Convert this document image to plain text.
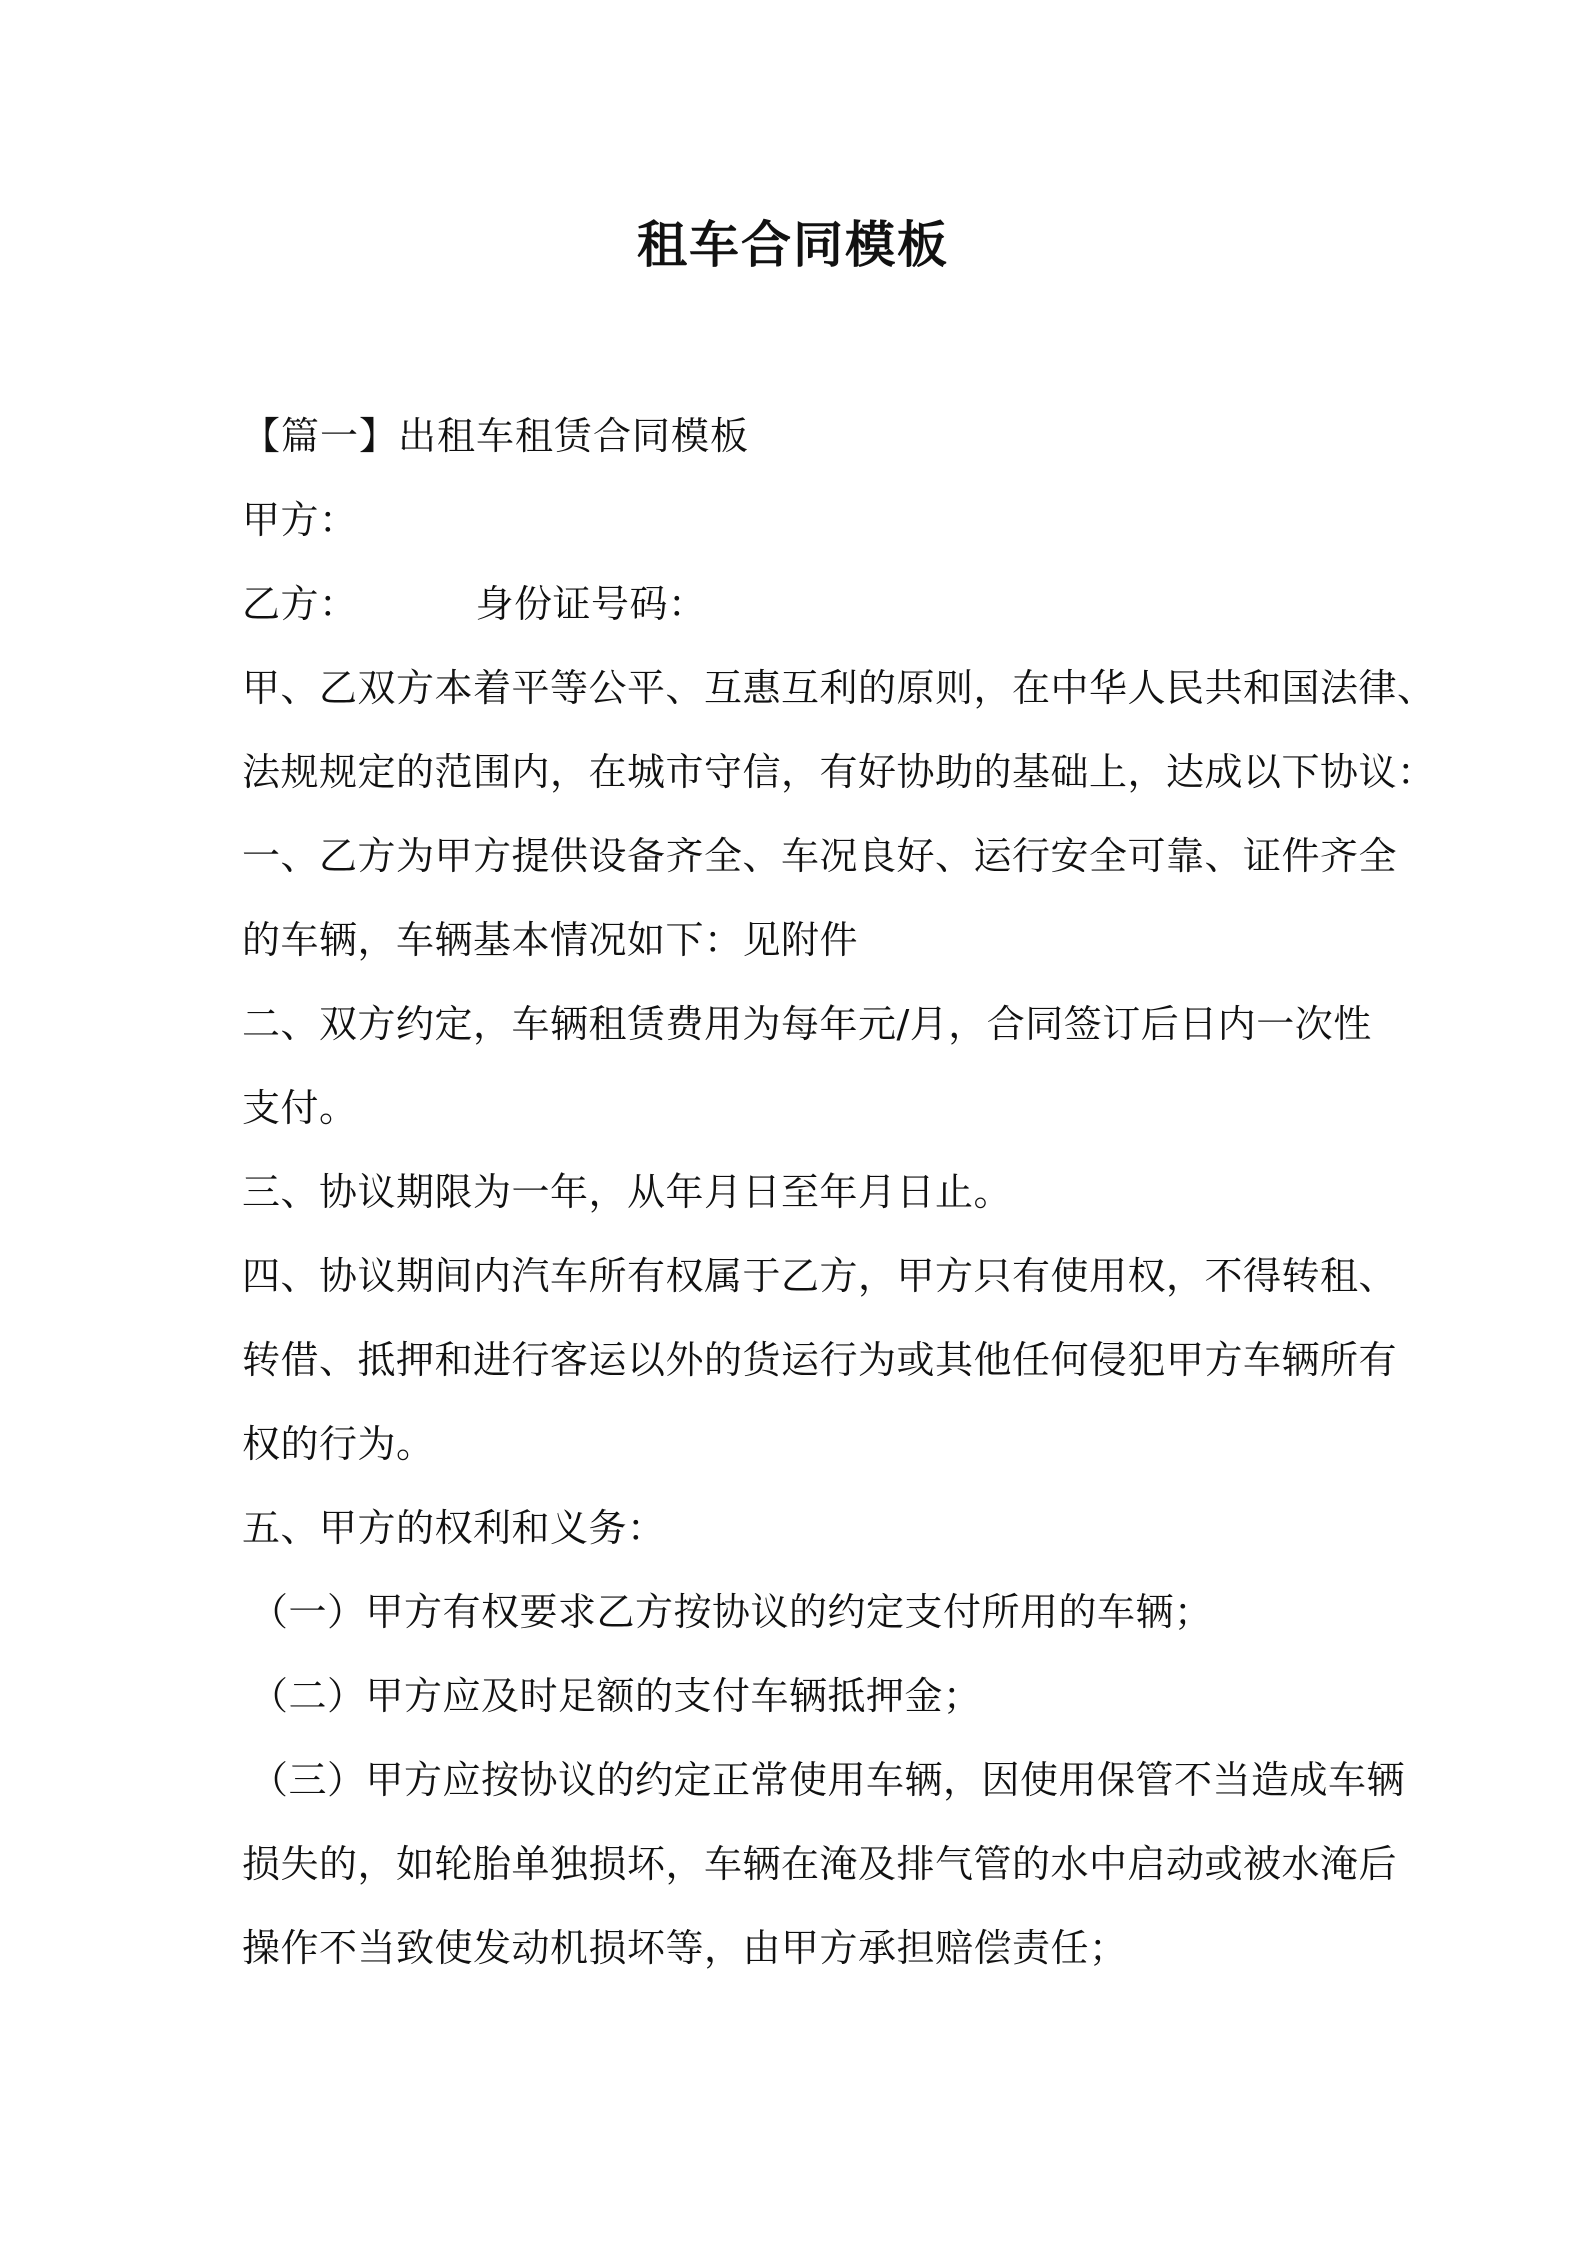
租车合同模板
【篇一】出租车租赁合同模板
甲方：
乙方：	身份证号码：
甲、乙双方本着平等公平、互惠互利的原则，在中华人民共和国法律、
法规规定的范围内，在城市守信，有好协助的基础上，达成以下协议：
一、乙方为甲方提供设备齐全、车况良好、运行安全可靠、证件齐全
的车辆，车辆基本情况如下：见附件
二、双方约定，车辆租赁费用为每年元/月，合同签订后日内一次性
支付。
三、协议期限为一年，从年月日至年月日止。
四、协议期间内汽车所有权属于乙方，甲方只有使用权，不得转租、
转借、抵押和进行客运以外的货运行为或其他任何侵犯甲方车辆所有
权的行为。
五、甲方的权利和义务：
（一）甲方有权要求乙方按协议的约定支付所用的车辆；
（二）甲方应及时足额的支付车辆抵押金；
（三）甲方应按协议的约定正常使用车辆，因使用保管不当造成车辆
损失的，如轮胎单独损坏，车辆在淹及排气管的水中启动或被水淹后
操作不当致使发动机损坏等，由甲方承担赔偿责任；
